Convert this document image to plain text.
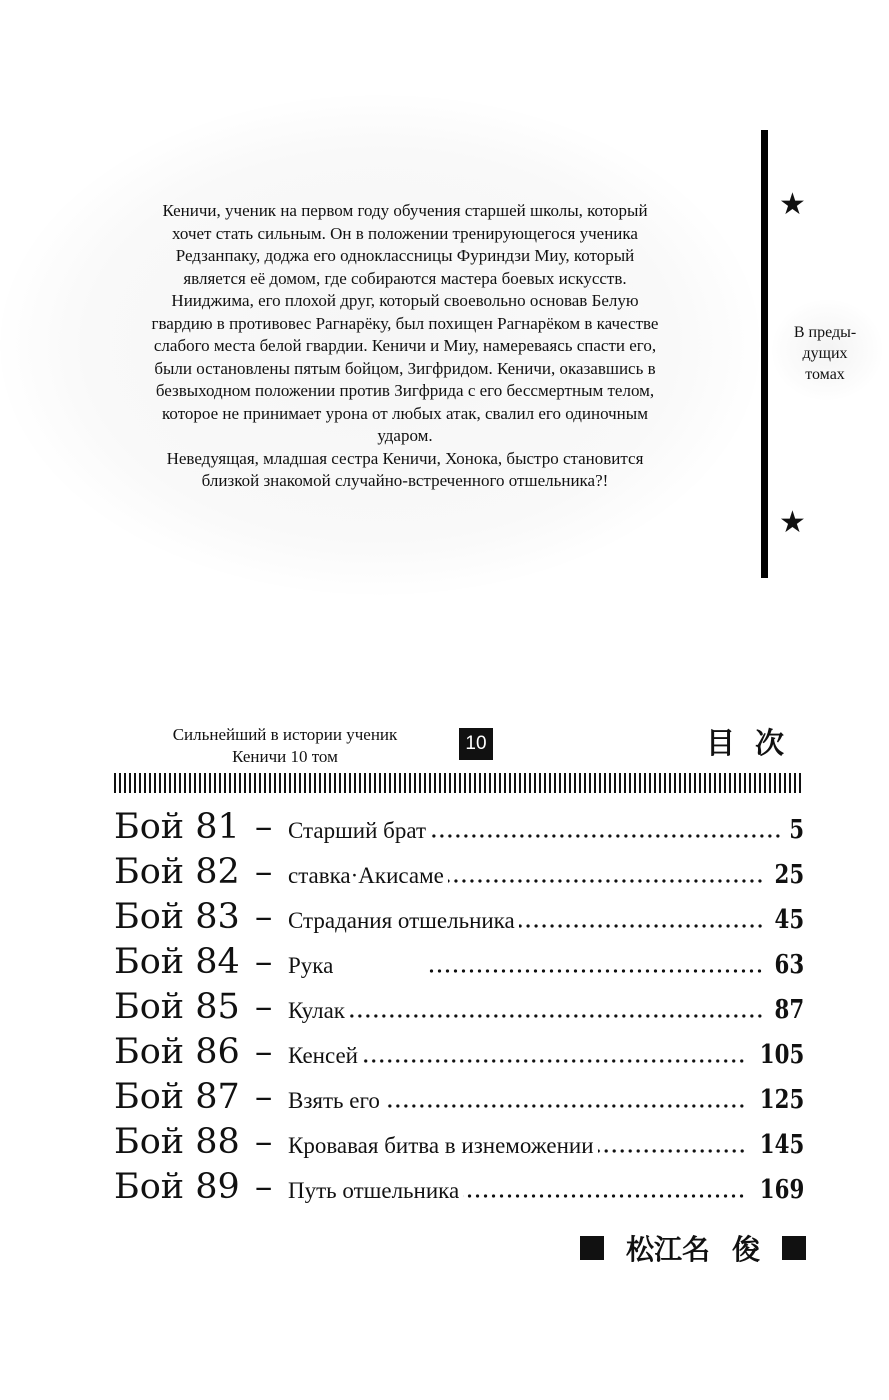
Кеничи, ученик на первом году обучения старшей школы, который

хочет стать сильным. Он в положении тренирующегося ученика

Редзанпаку, доджа его одноклассницы Фуриндзи Миу, который

является её домом, где собираются мастера боевых искусств.

Нииджима, его плохой друг, который своевольно основав Белую

гвардию в противовес Рагнарёку, был похищен Рагнарёком в качестве

слабого места белой гвардии. Кеничи и Миу, намереваясь спасти его,

были остановлены пятым бойцом, Зигфридом. Кеничи, оказавшись в

безвыходном положении против Зигфрида с его бессмертным телом,

которое не принимает урона от любых атак, свалил его одиночным

ударом.

Неведуящая, младшая сестра Кеничи, Хонока, быстро становится

близкой знакомой случайно-встреченного отшельника?!

★
В преды-
дущих
томах
★
Сильнейший в истории ученик
Кеничи 10 том
10	目次
Бой 81 – Старший брат	5
Бой 82 – ставка·Акисаме	25
Бой 83 – Страдания отшельника	45
Бой 84 – Рука	63
Бой 85 – Кулак	87
Бой 86 – Кенсей	105
Бой 87 – Взять его	125
Бой 88 – Кровавая битва в изнеможении	145
Бой 89 – Путь отшельника	169
松江名 俊
